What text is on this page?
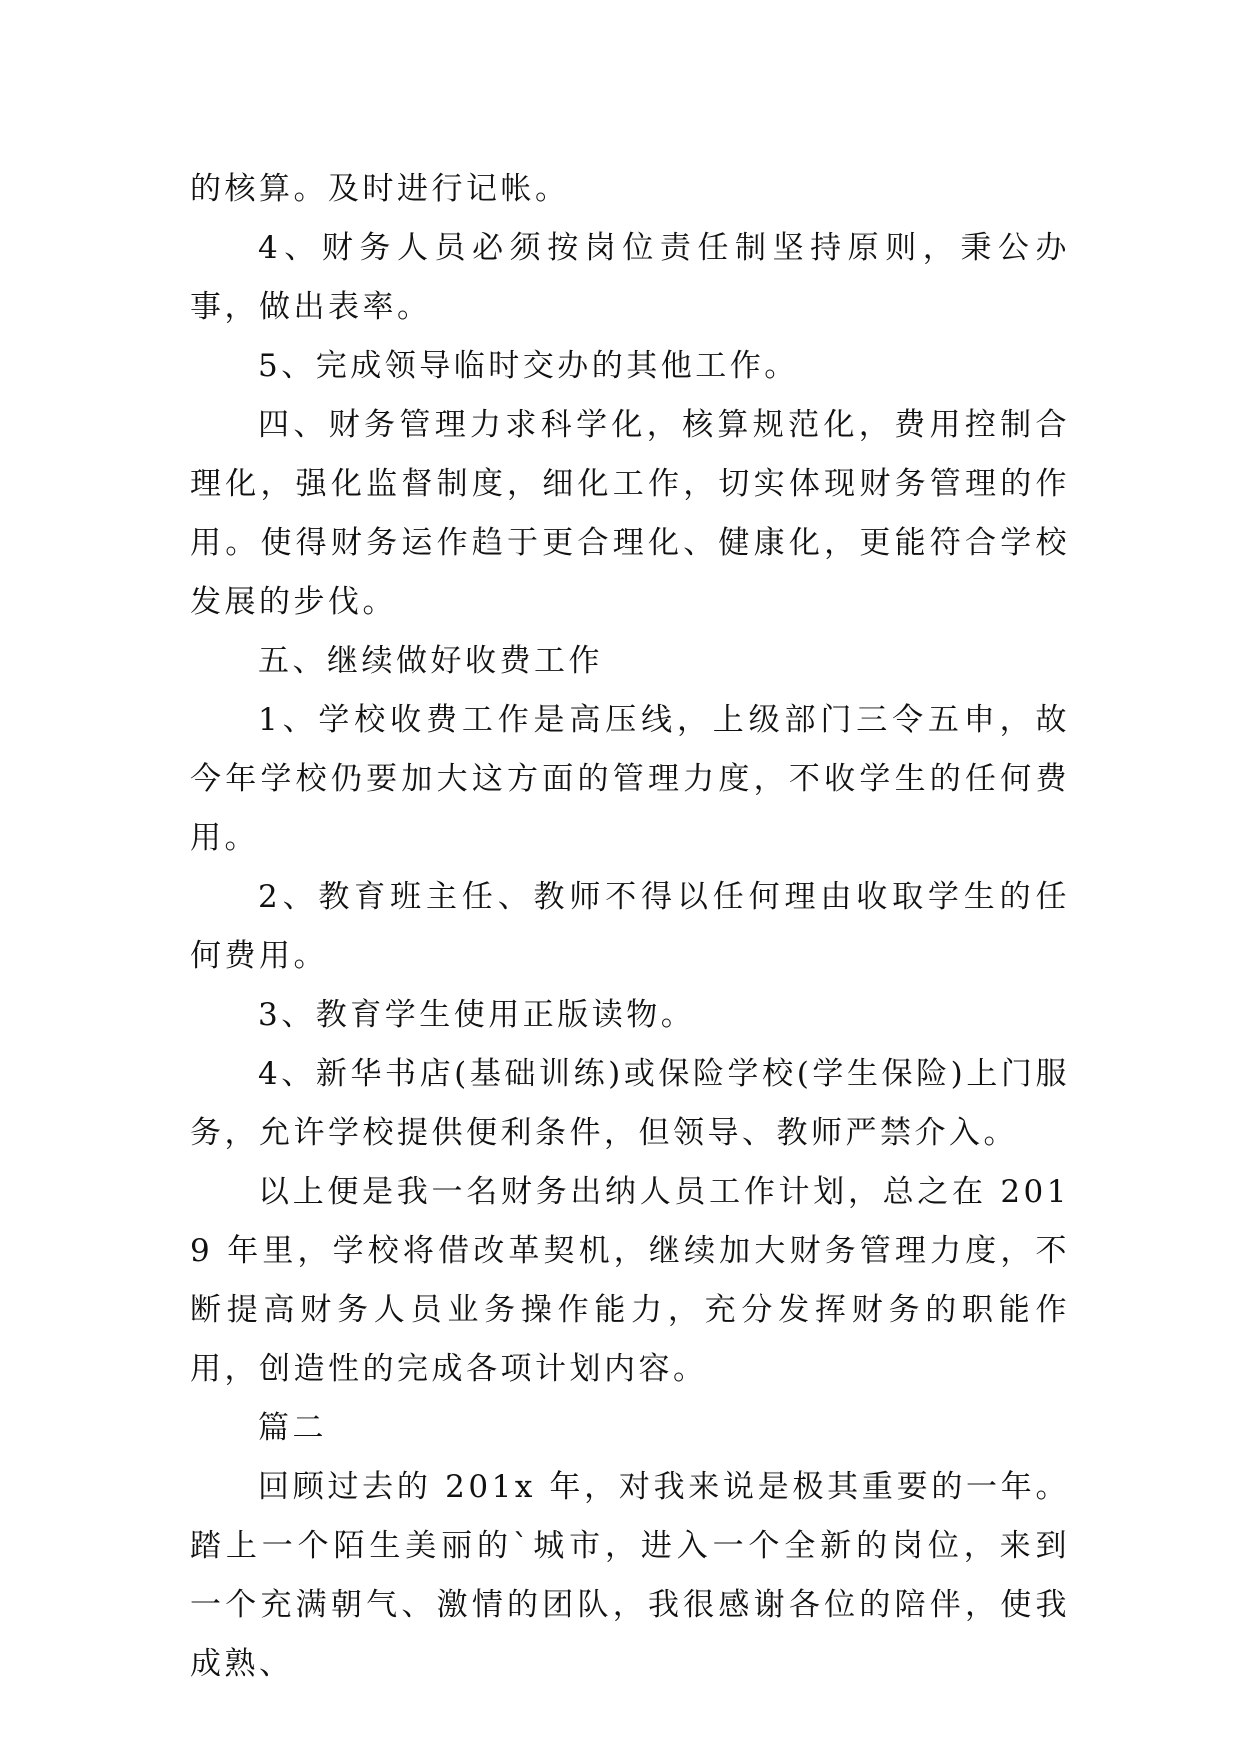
的核算。及时进行记帐。

4、财务人员必须按岗位责任制坚持原则，秉公办事，做出表率。

5、完成领导临时交办的其他工作。

四、财务管理力求科学化，核算规范化，费用控制合理化，强化监督制度，细化工作，切实体现财务管理的作用。使得财务运作趋于更合理化、健康化，更能符合学校发展的步伐。

五、继续做好收费工作

1、学校收费工作是高压线，上级部门三令五申，故今年学校仍要加大这方面的管理力度，不收学生的任何费用。

2、教育班主任、教师不得以任何理由收取学生的任何费用。

3、教育学生使用正版读物。

4、新华书店(基础训练)或保险学校(学生保险)上门服务，允许学校提供便利条件，但领导、教师严禁介入。

以上便是我一名财务出纳人员工作计划，总之在 2019 年里，学校将借改革契机，继续加大财务管理力度，不断提高财务人员业务操作能力，充分发挥财务的职能作用，创造性的完成各项计划内容。

篇二

回顾过去的 201x 年，对我来说是极其重要的一年。踏上一个陌生美丽的`城市，进入一个全新的岗位，来到一个充满朝气、激情的团队，我很感谢各位的陪伴，使我成熟、
